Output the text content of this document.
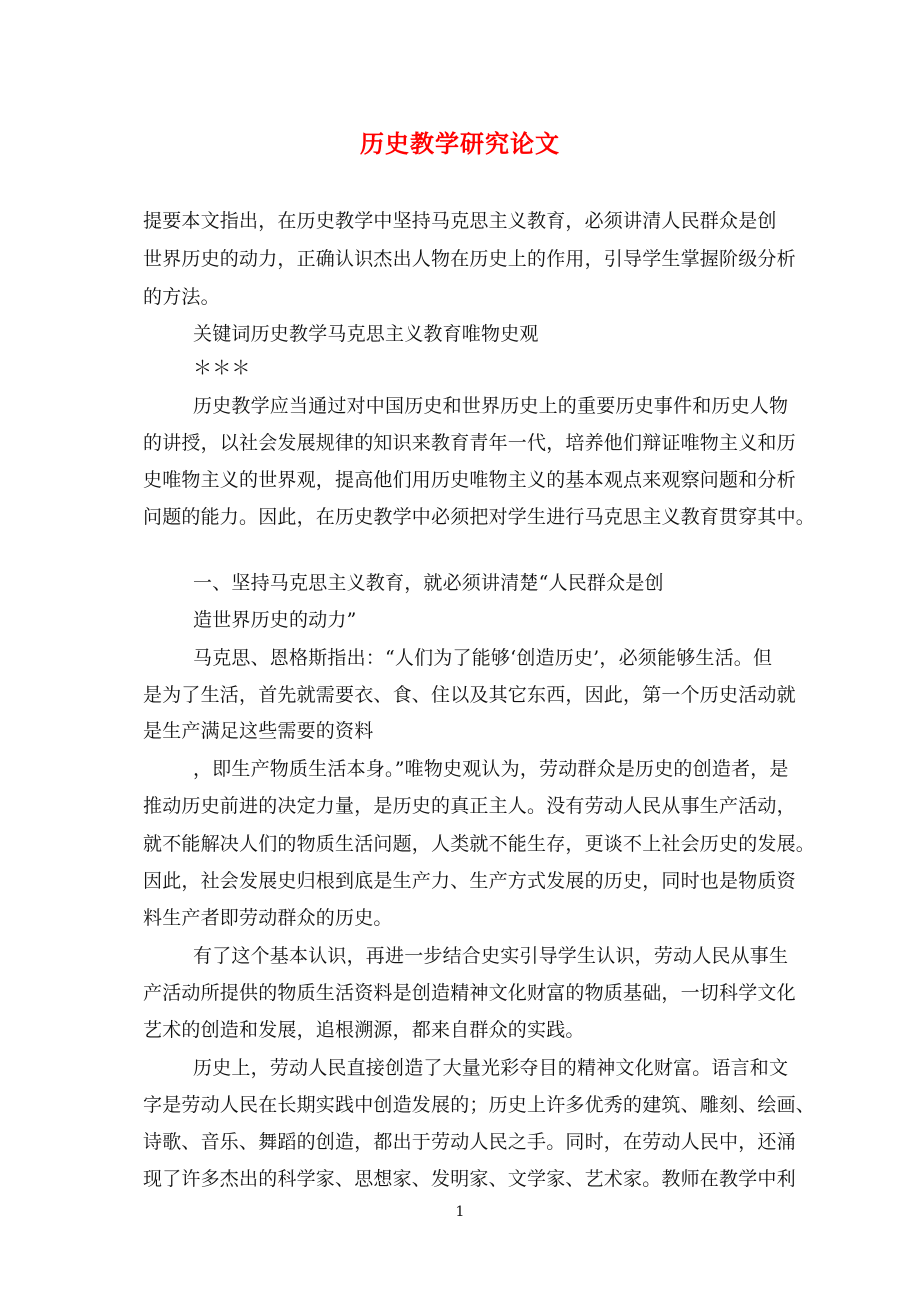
历史教学研究论文
提要本文指出，在历史教学中坚持马克思主义教育，必须讲清人民群众是创
世界历史的动力，正确认识杰出人物在历史上的作用，引导学生掌握阶级分析
的方法。
关键词历史教学马克思主义教育唯物史观
＊＊＊
历史教学应当通过对中国历史和世界历史上的重要历史事件和历史人物
的讲授，以社会发展规律的知识来教育青年一代，培养他们辩证唯物主义和历
史唯物主义的世界观，提高他们用历史唯物主义的基本观点来观察问题和分析
问题的能力。因此，在历史教学中必须把对学生进行马克思主义教育贯穿其中。
一、坚持马克思主义教育，就必须讲清楚“人民群众是创
造世界历史的动力”
马克思、恩格斯指出：“人们为了能够‘创造历史’，必须能够生活。但
是为了生活，首先就需要衣、食、住以及其它东西，因此，第一个历史活动就
是生产满足这些需要的资料
，即生产物质生活本身。”唯物史观认为，劳动群众是历史的创造者，是
推动历史前进的决定力量，是历史的真正主人。没有劳动人民从事生产活动，
就不能解决人们的物质生活问题，人类就不能生存，更谈不上社会历史的发展。
因此，社会发展史归根到底是生产力、生产方式发展的历史，同时也是物质资
料生产者即劳动群众的历史。
有了这个基本认识，再进一步结合史实引导学生认识，劳动人民从事生
产活动所提供的物质生活资料是创造精神文化财富的物质基础，一切科学文化
艺术的创造和发展，追根溯源，都来自群众的实践。
历史上，劳动人民直接创造了大量光彩夺目的精神文化财富。语言和文
字是劳动人民在长期实践中创造发展的；历史上许多优秀的建筑、雕刻、绘画、
诗歌、音乐、舞蹈的创造，都出于劳动人民之手。同时，在劳动人民中，还涌
现了许多杰出的科学家、思想家、发明家、文学家、艺术家。教师在教学中利
1
